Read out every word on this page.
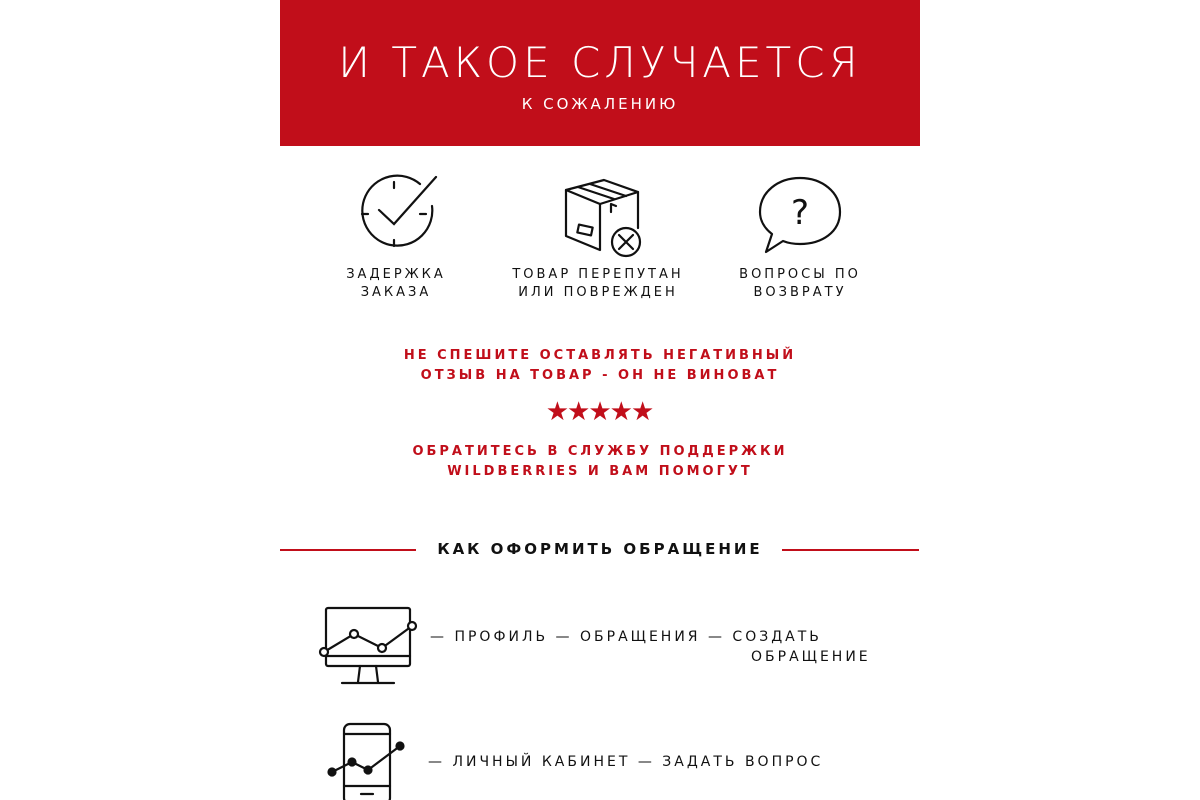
И ТАКОЕ СЛУЧАЕТСЯ
К СОЖАЛЕНИЮ
ЗАДЕРЖКА
ЗАКАЗА
ТОВАР ПЕРЕПУТАН
ИЛИ ПОВРЕЖДЕН
?
ВОПРОСЫ ПО
ВОЗВРАТУ
НЕ СПЕШИТЕ ОСТАВЛЯТЬ НЕГАТИВНЫЙ
ОТЗЫВ НА ТОВАР - ОН НЕ ВИНОВАТ
★★★★★
ОБРАТИТЕСЬ В СЛУЖБУ ПОДДЕРЖКИ
WILDBERRIES И ВАМ ПОМОГУТ
КАК ОФОРМИТЬ ОБРАЩЕНИЕ
— ПРОФИЛЬ — ОБРАЩЕНИЯ — СОЗДАТЬ
ОБРАЩЕНИЕ
— ЛИЧНЫЙ КАБИНЕТ — ЗАДАТЬ ВОПРОС
